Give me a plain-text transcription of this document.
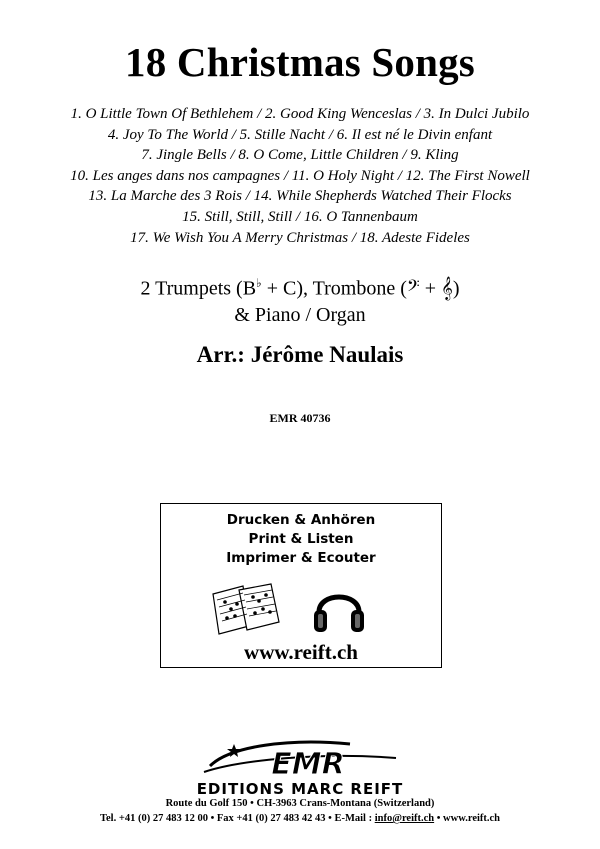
18 Christmas Songs
1. O Little Town Of Bethlehem / 2. Good King Wenceslas / 3. In Dulci Jubilo
4. Joy To The World / 5. Stille Nacht / 6. Il est né le Divin enfant
7. Jingle Bells / 8. O Come, Little Children / 9. Kling
10. Les anges dans nos campagnes / 11. O Holy Night / 12. The First Nowell
13. La Marche des 3 Rois / 14. While Shepherds Watched Their Flocks
15. Still, Still, Still / 16. O Tannenbaum
17. We Wish You A Merry Christmas / 18. Adeste Fideles
2 Trumpets (B♭ + C), Trombone (𝄢 + 𝄞)
& Piano / Organ
Arr.: Jérôme Naulais
EMR 40736
Drucken & Anhören
Print & Listen
Imprimer & Ecouter
www.reift.ch
EMR
EDITIONS MARC REIFT
Route du Golf 150 • CH-3963 Crans-Montana (Switzerland)
Tel. +41 (0) 27 483 12 00 • Fax +41 (0) 27 483 42 43 • E-Mail : info@reift.ch • www.reift.ch
